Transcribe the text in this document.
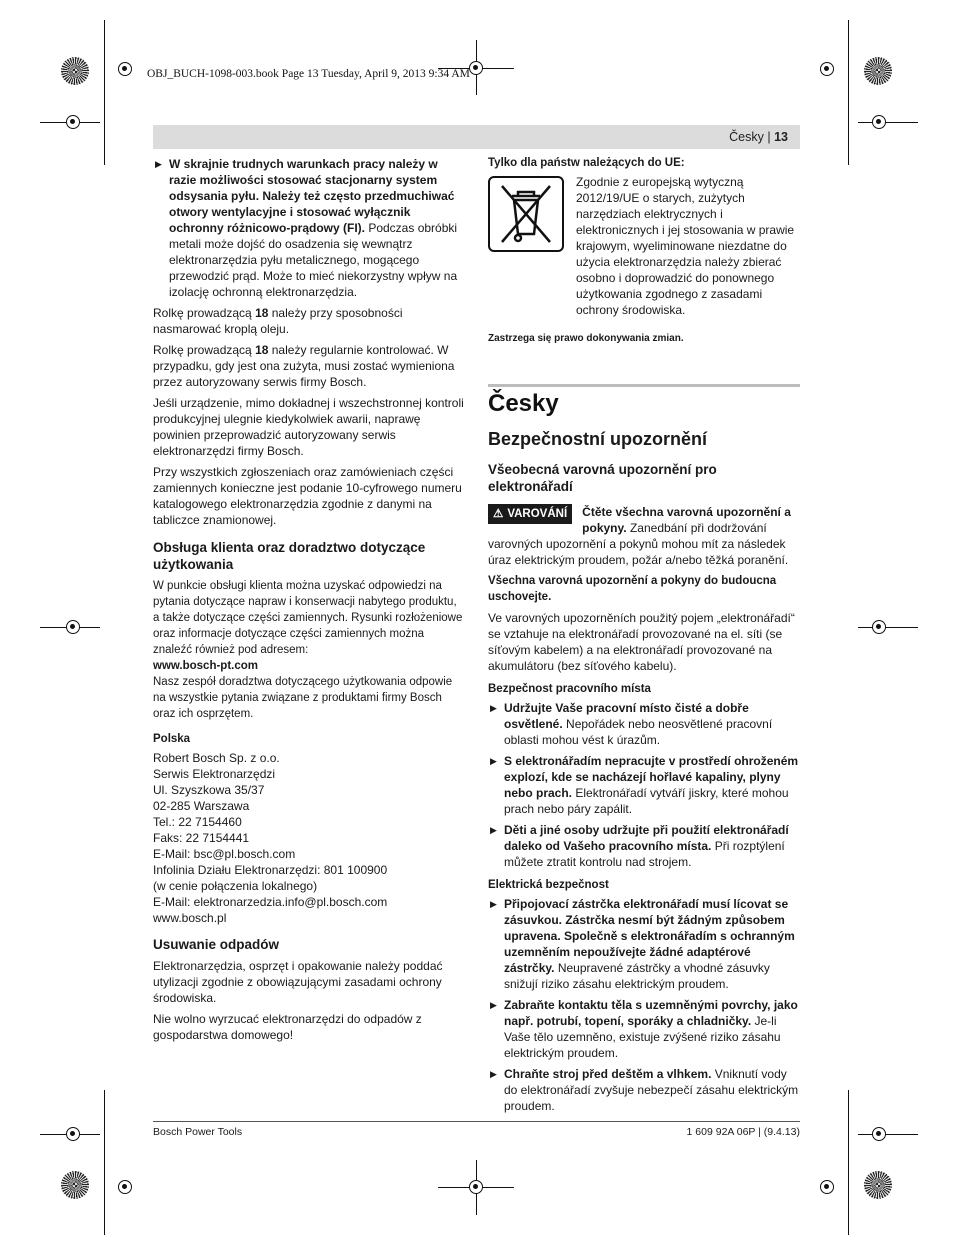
OBJ_BUCH-1098-003.book Page 13 Tuesday, April 9, 2013 9:34 AM
Česky | 13
▶ W skrajnie trudnych warunkach pracy należy w razie możliwości stosować stacjonarny system odsysania pyłu. Należy też często przedmuchiwać otwory wentylacyjne i stosować wyłącznik ochronny różnicowo-prądowy (FI). Podczas obróbki metali może dojść do osadzenia się wewnątrz elektronarzędzia pyłu metalicznego, mogącego przewodzić prąd. Może to mieć niekorzystny wpływ na izolację ochronną elektronarzędzia.

Rolkę prowadzącą 18 należy przy sposobności nasmarować kroplą oleju.

Rolkę prowadzącą 18 należy regularnie kontrolować. W przypadku, gdy jest ona zużyta, musi zostać wymieniona przez autoryzowany serwis firmy Bosch.

Jeśli urządzenie, mimo dokładnej i wszechstronnej kontroli produkcyjnej ulegnie kiedykolwiek awarii, naprawę powinien przeprowadzić autoryzowany serwis elektronarzędzi firmy Bosch.

Przy wszystkich zgłoszeniach oraz zamówieniach części zamiennych konieczne jest podanie 10-cyfrowego numeru katalogowego elektronarzędzia zgodnie z danymi na tabliczce znamionowej.

Obsługa klienta oraz doradztwo dotyczące użytkowania

W punkcie obsługi klienta można uzyskać odpowiedzi na pytania dotyczące napraw i konserwacji nabytego produktu, a także dotyczące części zamiennych. Rysunki rozłożeniowe oraz informacje dotyczące części zamiennych można znaleźć również pod adresem:

www.bosch-pt.com

Nasz zespół doradztwa dotyczącego użytkowania odpowie na wszystkie pytania związane z produktami firmy Bosch oraz ich osprzętem.

Polska

Robert Bosch Sp. z o.o.

Serwis Elektronarzędzi

Ul. Szyszkowa 35/37

02-285 Warszawa

Tel.: 22 7154460

Faks: 22 7154441

E-Mail: bsc@pl.bosch.com

Infolinia Działu Elektronarzędzi: 801 100900

(w cenie połączenia lokalnego)

E-Mail: elektronarzedzia.info@pl.bosch.com

www.bosch.pl

Usuwanie odpadów

Elektronarzędzia, osprzęt i opakowanie należy poddać utylizacji zgodnie z obowiązującymi zasadami ochrony środowiska.

Nie wolno wyrzucać elektronarzędzi do odpadów z gospodarstwa domowego!

Tylko dla państw należących do UE:
Zgodnie z europejską wytyczną 2012/19/UE o starych, zużytych narzędziach elektrycznych i elektronicznych i jej stosowania w prawie krajowym, wyeliminowane niezdatne do użycia elektronarzędzia należy zbierać osobno i doprowadzić do ponownego użytkowania zgodnego z zasadami ochrony środowiska.
Zastrzega się prawo dokonywania zmian.
Česky
Bezpečnostní upozornění
Všeobecná varovná upozornění pro elektronářadí
⚠ VAROVÁNÍ Čtěte všechna varovná upozornění a pokyny. Zanedbání při dodržování varovných upozornění a pokynů mohou mít za následek úraz elektrickým proudem, požár a/nebo těžká poranění.

Všechna varovná upozornění a pokyny do budoucna uschovejte.

Ve varovných upozorněních použitý pojem „elektronářadí“ se vztahuje na elektronářadí provozované na el. síti (se síťovým kabelem) a na elektronářadí provozované na akumulátoru (bez síťového kabelu).

Bezpečnost pracovního místa
▶ Udržujte Vaše pracovní místo čisté a dobře osvětlené. Nepořádek nebo neosvětlené pracovní oblasti mohou vést k úrazům.
▶ S elektronářadím nepracujte v prostředí ohroženém explozí, kde se nacházejí hořlavé kapaliny, plyny nebo prach. Elektronářadí vytváří jiskry, které mohou prach nebo páry zapálit.
▶ Děti a jiné osoby udržujte při použití elektronářadí daleko od Vašeho pracovního místa. Při rozptýlení můžete ztratit kontrolu nad strojem.
Elektrická bezpečnost
▶ Připojovací zástrčka elektronářadí musí lícovat se zásuvkou. Zástrčka nesmí být žádným způsobem upravena. Společně s elektronářadím s ochranným uzemněním nepoužívejte žádné adaptérové zástrčky. Neupravené zástrčky a vhodné zásuvky snižují riziko zásahu elektrickým proudem.
▶ Zabraňte kontaktu těla s uzemněnými povrchy, jako např. potrubí, topení, sporáky a chladničky. Je-li Vaše tělo uzemněno, existuje zvýšené riziko zásahu elektrickým proudem.
▶ Chraňte stroj před deštěm a vlhkem. Vniknutí vody do elektronářadí zvyšuje nebezpečí zásahu elektrickým proudem.
Bosch Power Tools	1 609 92A 06P | (9.4.13)
